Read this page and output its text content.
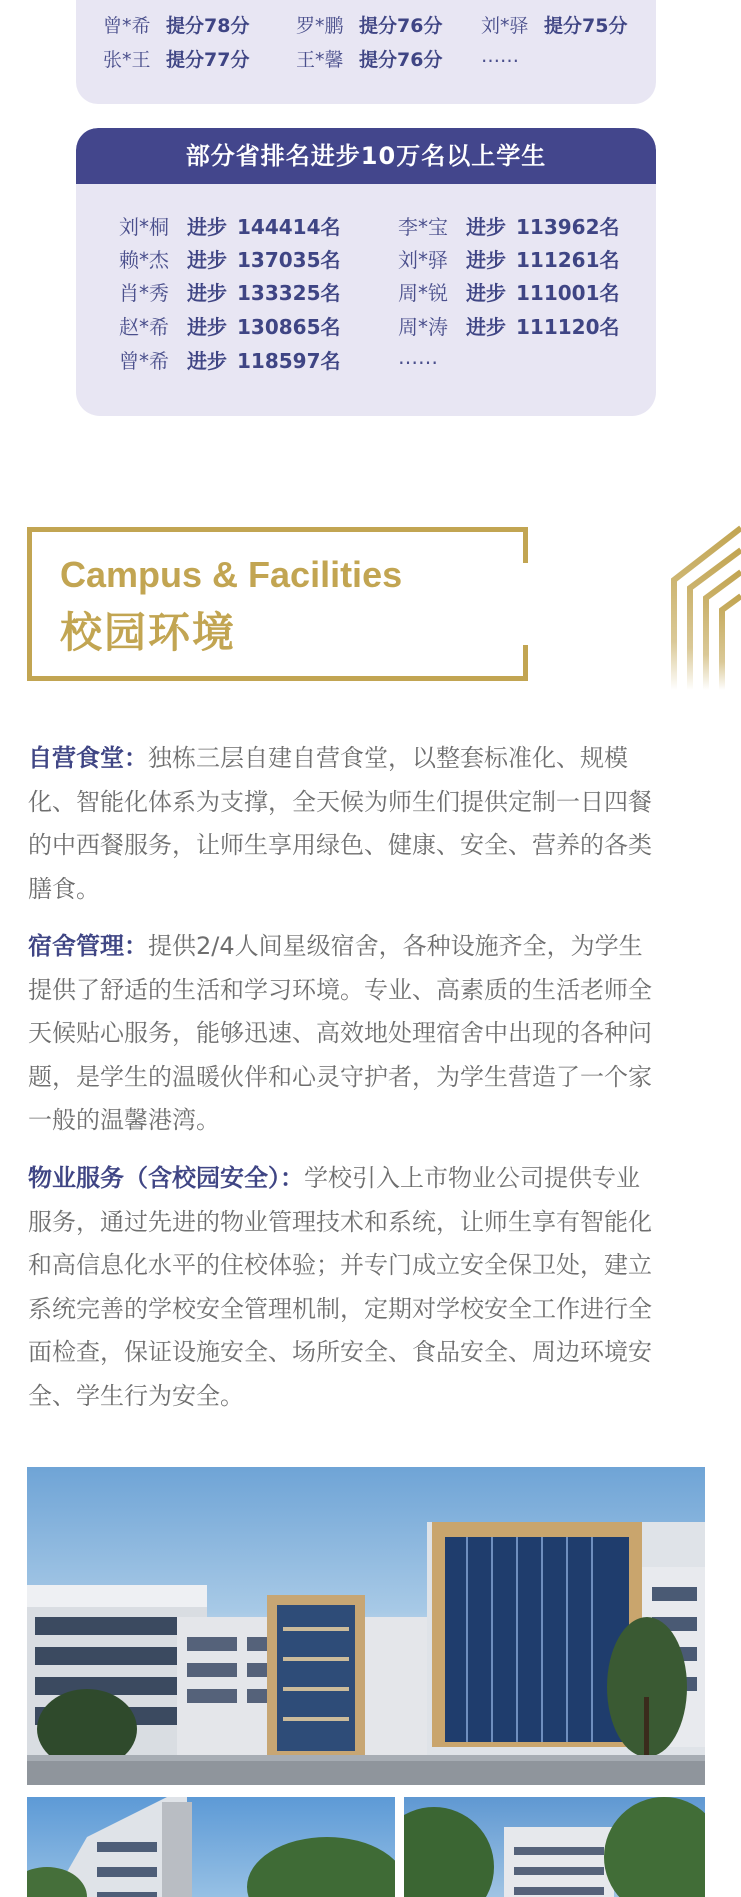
曾*希 提分78分 罗*鹏 提分76分 刘*驿 提分75分
张*王 提分77分 王*馨 提分76分 ……
部分省排名进步10万名以上学生
刘*桐 进步 144414名
赖*杰 进步 137035名
肖*秀 进步 133325名
赵*希 进步 130865名
曾*希 进步 118597名
李*宝 进步 113962名
刘*驿 进步 111261名
周*锐 进步 111001名
周*涛 进步 111120名
……
Campus & Facilities
校园环境
自营食堂：独栋三层自建自营食堂，以整套标准化、规模
化、智能化体系为支撑，全天候为师生们提供定制一日四餐
的中西餐服务，让师生享用绿色、健康、安全、营养的各类
膳食。
宿舍管理：提供2/4人间星级宿舍，各种设施齐全，为学生
提供了舒适的生活和学习环境。专业、高素质的生活老师全
天候贴心服务，能够迅速、高效地处理宿舍中出现的各种问
题，是学生的温暖伙伴和心灵守护者，为学生营造了一个家
一般的温馨港湾。
物业服务（含校园安全）：学校引入上市物业公司提供专业
服务，通过先进的物业管理技术和系统，让师生享有智能化
和高信息化水平的住校体验；并专门成立安全保卫处，建立
系统完善的学校安全管理机制，定期对学校安全工作进行全
面检查，保证设施安全、场所安全、食品安全、周边环境安
全、学生行为安全。
